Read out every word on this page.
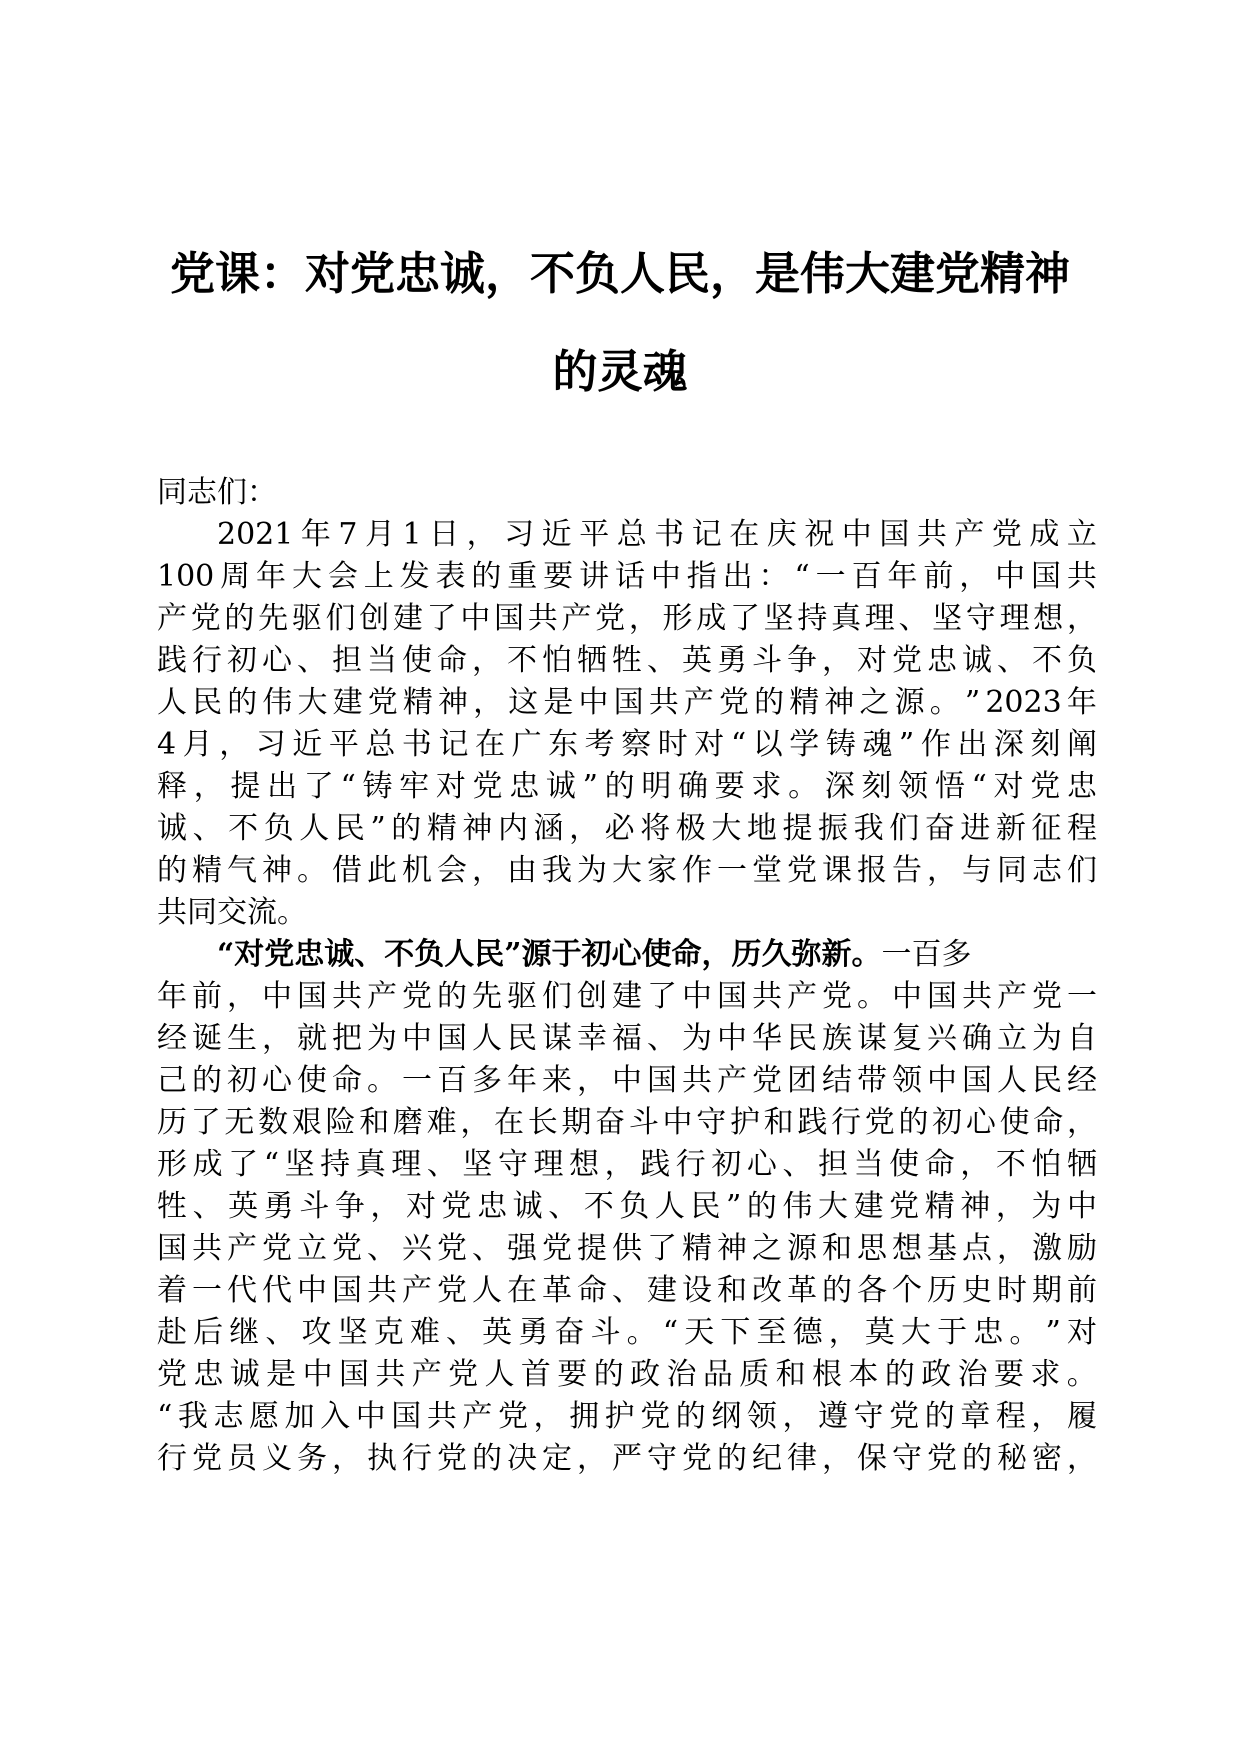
党课：对党忠诚，不负人民，是伟大建党精神
的灵魂
同志们：
2021 年 7 月 1 日 ， 习 近 平 总 书 记 在 庆 祝 中 国 共 产 党 成 立
100 周 年 大 会 上 发 表 的 重 要 讲 话 中 指 出 ： “ 一 百 年 前 ， 中 国 共
产 党 的 先 驱 们 创 建 了 中 国 共 产 党 ， 形 成 了 坚 持 真 理 、 坚 守 理 想 ，
践 行 初 心 、 担 当 使 命 ， 不 怕 牺 牲 、 英 勇 斗 争 ， 对 党 忠 诚 、 不 负
人 民 的 伟 大 建 党 精 神 ， 这 是 中 国 共 产 党 的 精 神 之 源 。 ” 2023 年
4 月 ， 习 近 平 总 书 记 在 广 东 考 察 时 对 “ 以 学 铸 魂 ” 作 出 深 刻 阐
释 ， 提 出 了 “ 铸 牢 对 党 忠 诚 ” 的 明 确 要 求 。 深 刻 领 悟 “ 对 党 忠
诚 、 不 负 人 民 ” 的 精 神 内 涵 ， 必 将 极 大 地 提 振 我 们 奋 进 新 征 程
的 精 气 神 。 借 此 机 会 ， 由 我 为 大 家 作 一 堂 党 课 报 告 ， 与 同 志 们
共同交流。
“对党忠诚、不负人民”源于初心使命，历久弥新。 一百多
年 前 ， 中 国 共 产 党 的 先 驱 们 创 建 了 中 国 共 产 党 。 中 国 共 产 党 一
经 诞 生 ， 就 把 为 中 国 人 民 谋 幸 福 、 为 中 华 民 族 谋 复 兴 确 立 为 自
己 的 初 心 使 命 。 一 百 多 年 来 ， 中 国 共 产 党 团 结 带 领 中 国 人 民 经
历 了 无 数 艰 险 和 磨 难 ， 在 长 期 奋 斗 中 守 护 和 践 行 党 的 初 心 使 命 ，
形 成 了 “ 坚 持 真 理 、 坚 守 理 想 ， 践 行 初 心 、 担 当 使 命 ， 不 怕 牺
牲 、 英 勇 斗 争 ， 对 党 忠 诚 、 不 负 人 民 ” 的 伟 大 建 党 精 神 ， 为 中
国 共 产 党 立 党 、 兴 党 、 强 党 提 供 了 精 神 之 源 和 思 想 基 点 ， 激 励
着 一 代 代 中 国 共 产 党 人 在 革 命 、 建 设 和 改 革 的 各 个 历 史 时 期 前
赴 后 继 、 攻 坚 克 难 、 英 勇 奋 斗 。 “ 天 下 至 德 ， 莫 大 于 忠 。 ” 对
党 忠 诚 是 中 国 共 产 党 人 首 要 的 政 治 品 质 和 根 本 的 政 治 要 求 。
“ 我 志 愿 加 入 中 国 共 产 党 ， 拥 护 党 的 纲 领 ， 遵 守 党 的 章 程 ， 履
行 党 员 义 务 ， 执 行 党 的 决 定 ， 严 守 党 的 纪 律 ， 保 守 党 的 秘 密 ，
